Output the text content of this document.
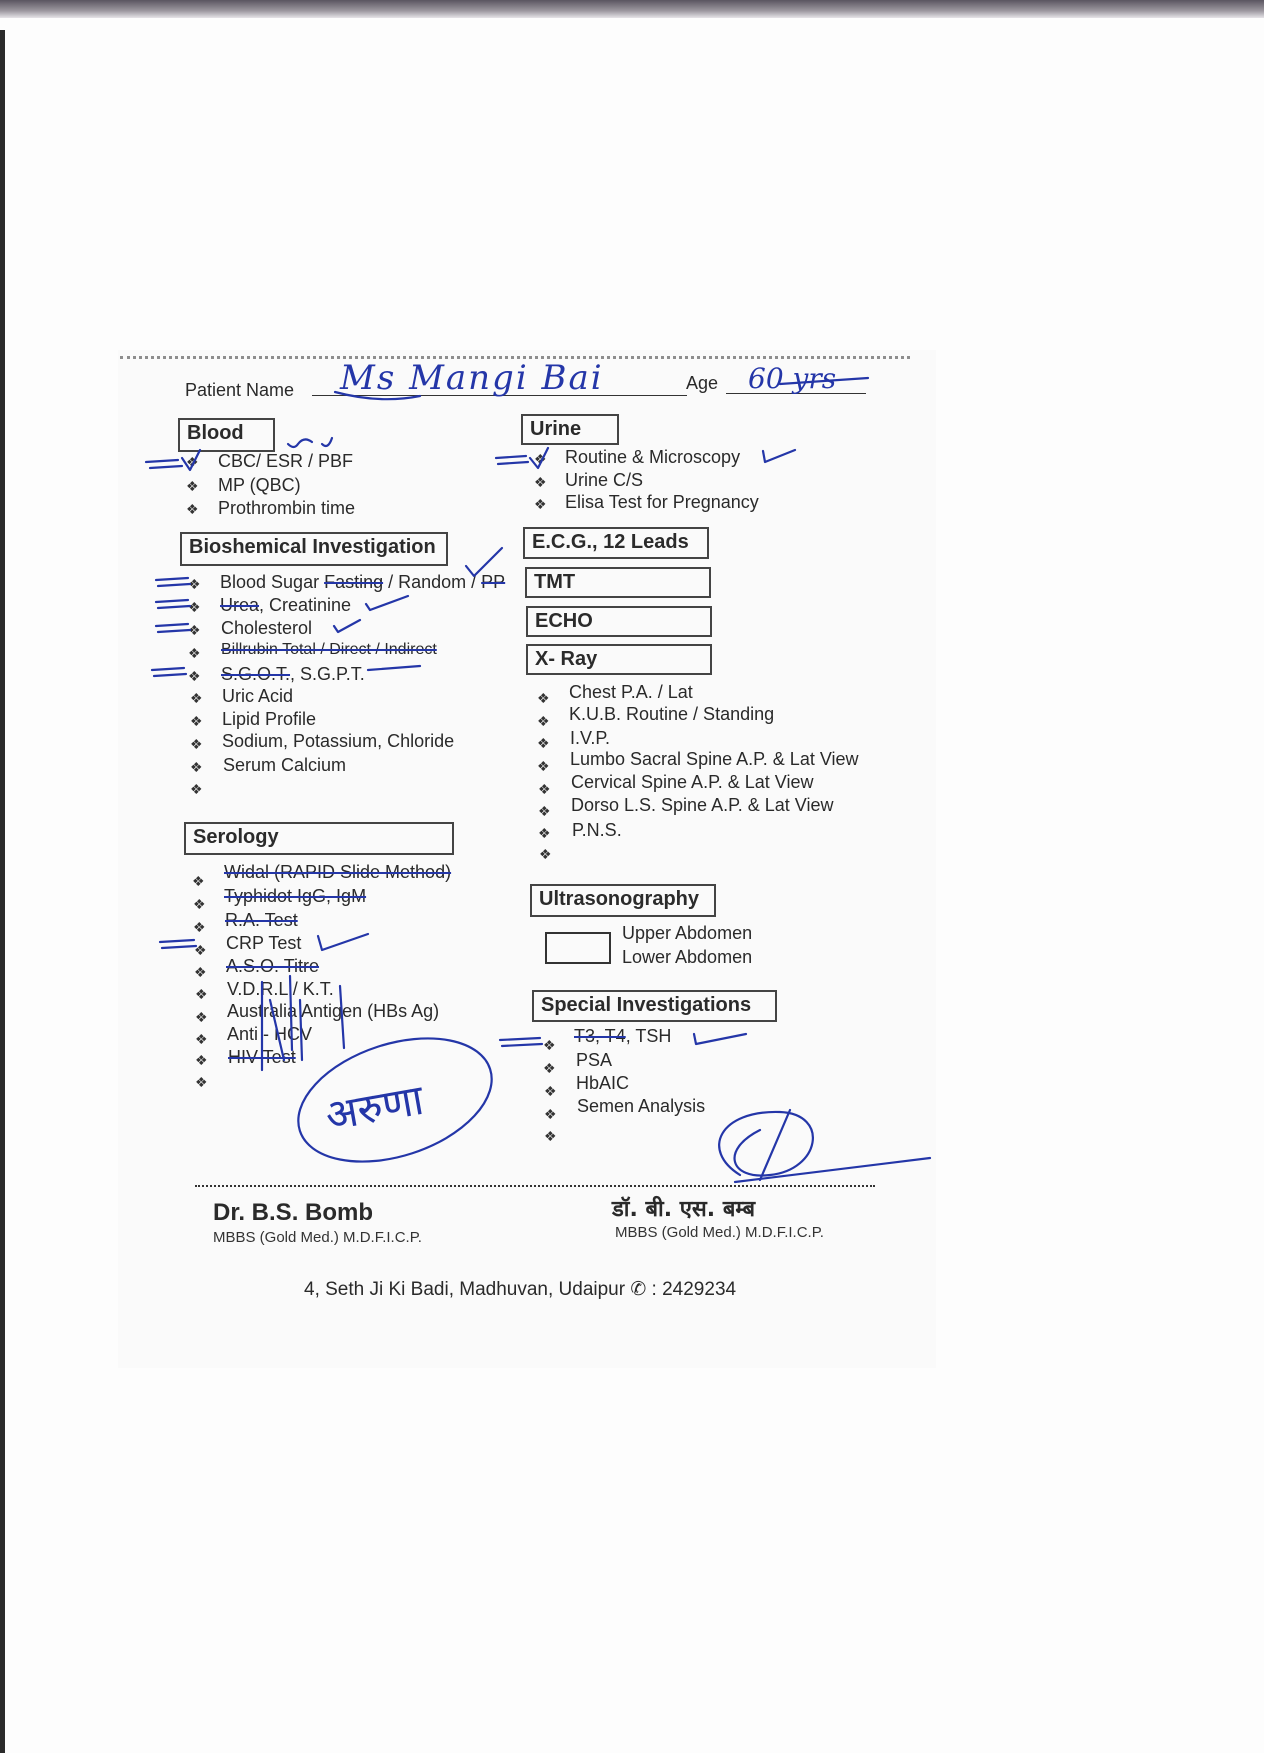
Patient Name Ms Mangi Bai	Age 60 yrs
Blood
❖ CBC/ ESR / PBF
❖ MP (QBC)
❖ Prothrombin time
Bioshemical Investigation
❖ Blood Sugar Fasting / Random / PP
❖ Urea, Creatinine
❖ Cholesterol
❖ Billrubin Total / Direct / Indirect
❖ S.G.O.T., S.G.P.T.
❖ Uric Acid
❖ Lipid Profile
❖ Sodium, Potassium, Chloride
❖ Serum Calcium
❖
Serology
❖ Widal (RAPID Slide Method)
❖ Typhidot IgG, IgM
❖ R.A. Test
❖ CRP Test
❖ A.S.O. Titre
❖ V.D.R.L / K.T.
❖ Australia Antigen (HBs Ag)
❖ Anti - HCV
❖ HIV Test
❖
Urine
❖ Routine & Microscopy
❖ Urine C/S
❖ Elisa Test for Pregnancy
E.C.G., 12 Leads
TMT
ECHO
X- Ray
❖ Chest P.A. / Lat
❖ K.U.B. Routine / Standing
❖ I.V.P.
❖ Lumbo Sacral Spine A.P. & Lat View
❖ Cervical Spine A.P. & Lat View
❖ Dorso L.S. Spine A.P. & Lat View
❖ P.N.S.
❖
Ultrasonography
Upper Abdomen
Lower Abdomen
Special Investigations
❖ T3, T4, TSH
❖ PSA
❖ HbAIC
❖ Semen Analysis
❖
अरुणा
Dr. B.S. Bomb
MBBS (Gold Med.) M.D.F.I.C.P.
डॉ. बी. एस. बम्ब
MBBS (Gold Med.) M.D.F.I.C.P.
4, Seth Ji Ki Badi, Madhuvan, Udaipur ✆ : 2429234
